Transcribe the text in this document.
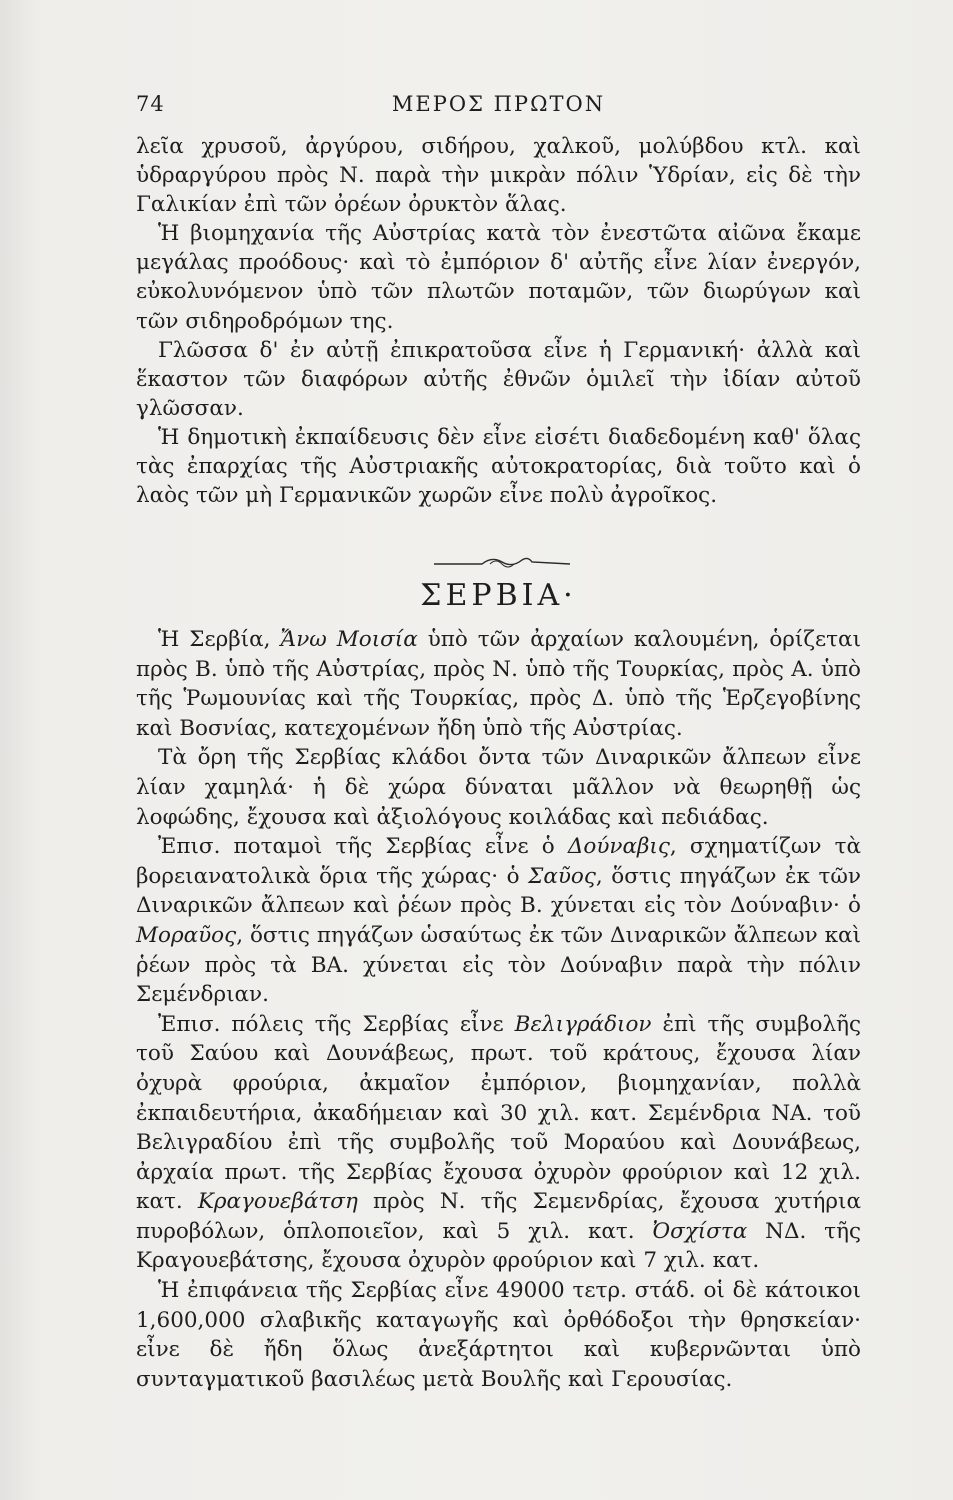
74	ΜΕΡΟΣ ΠΡΩΤΟΝ

λεῖα χρυσοῦ, ἀργύρου, σιδήρου, χαλκοῦ, μολύβδου κτλ. καὶ ὑδραργύρου πρὸς Ν. παρὰ τὴν μικρὰν πόλιν Ὑδρίαν, εἰς δὲ τὴν Γαλικίαν ἐπὶ τῶν ὀρέων ὀρυκτὸν ἅλας.

Ἡ βιομηχανία τῆς Αὐστρίας κατὰ τὸν ἐνεστῶτα αἰῶνα ἔκαμε μεγάλας προόδους· καὶ τὸ ἐμπόριον δ' αὐτῆς εἶνε λίαν ἐνεργόν, εὐκολυνόμενον ὑπὸ τῶν πλωτῶν ποταμῶν, τῶν διωρύγων καὶ τῶν σιδηροδρόμων της.

Γλῶσσα δ' ἐν αὐτῇ ἐπικρατοῦσα εἶνε ἡ Γερμανική· ἀλλὰ καὶ ἕκαστον τῶν διαφόρων αὐτῆς ἐθνῶν ὁμιλεῖ τὴν ἰδίαν αὐτοῦ γλῶσσαν.

Ἡ δημοτικὴ ἐκπαίδευσις δὲν εἶνε εἰσέτι διαδεδομένη καθ' ὅλας τὰς ἐπαρχίας τῆς Αὐστριακῆς αὐτοκρατορίας, διὰ τοῦτο καὶ ὁ λαὸς τῶν μὴ Γερμανικῶν χωρῶν εἶνε πολὺ ἀγροῖκος.

ΣΕΡΒΙΑ·

Ἡ Σερβία, Ἄνω Μοισία ὑπὸ τῶν ἀρχαίων καλουμένη, ὁρίζεται πρὸς Β. ὑπὸ τῆς Αὐστρίας, πρὸς Ν. ὑπὸ τῆς Τουρκίας, πρὸς Α. ὑπὸ τῆς Ῥωμουνίας καὶ τῆς Τουρκίας, πρὸς Δ. ὑπὸ τῆς Ἑρζεγοβίνης καὶ Βοσνίας, κατεχομένων ἤδη ὑπὸ τῆς Αὐστρίας.

Τὰ ὄρη τῆς Σερβίας κλάδοι ὄντα τῶν Διναρικῶν ἄλπεων εἶνε λίαν χαμηλά· ἡ δὲ χώρα δύναται μᾶλλον νὰ θεωρηθῇ ὡς λοφώδης, ἔχουσα καὶ ἀξιολόγους κοιλάδας καὶ πεδιάδας.

Ἐπισ. ποταμοὶ τῆς Σερβίας εἶνε ὁ Δούναβις, σχηματίζων τὰ βορειανατολικὰ ὅρια τῆς χώρας· ὁ Σαῦος, ὅστις πηγάζων ἐκ τῶν Διναρικῶν ἄλπεων καὶ ῥέων πρὸς Β. χύνεται εἰς τὸν Δούναβιν· ὁ Μοραῦος, ὅστις πηγάζων ὡσαύτως ἐκ τῶν Διναρικῶν ἄλπεων καὶ ῥέων πρὸς τὰ ΒΑ. χύνεται εἰς τὸν Δούναβιν παρὰ τὴν πόλιν Σεμένδριαν.

Ἐπισ. πόλεις τῆς Σερβίας εἶνε Βελιγράδιον ἐπὶ τῆς συμβολῆς τοῦ Σαύου καὶ Δουνάβεως, πρωτ. τοῦ κράτους, ἔχουσα λίαν ὀχυρὰ φρούρια, ἀκμαῖον ἐμπόριον, βιομηχανίαν, πολλὰ ἐκπαιδευτήρια, ἀκαδήμειαν καὶ 30 χιλ. κατ. Σεμένδρια ΝΑ. τοῦ Βελιγραδίου ἐπὶ τῆς συμβολῆς τοῦ Μοραύου καὶ Δουνάβεως, ἀρχαία πρωτ. τῆς Σερβίας ἔχουσα ὀχυρὸν φρούριον καὶ 12 χιλ. κατ. Κραγουεβάτση πρὸς Ν. τῆς Σεμενδρίας, ἔχουσα χυτήρια πυροβόλων, ὁπλοποιεῖον, καὶ 5 χιλ. κατ. Ὀσχίστα ΝΔ. τῆς Κραγουεβάτσης, ἔχουσα ὀχυρὸν φρούριον καὶ 7 χιλ. κατ.

Ἡ ἐπιφάνεια τῆς Σερβίας εἶνε 49000 τετρ. στάδ. οἱ δὲ κάτοικοι 1,600,000 σλαβικῆς καταγωγῆς καὶ ὀρθόδοξοι τὴν θρησκείαν· εἶνε δὲ ἤδη ὅλως ἀνεξάρτητοι καὶ κυβερνῶνται ὑπὸ συνταγματικοῦ βασιλέως μετὰ Βουλῆς καὶ Γερουσίας.
